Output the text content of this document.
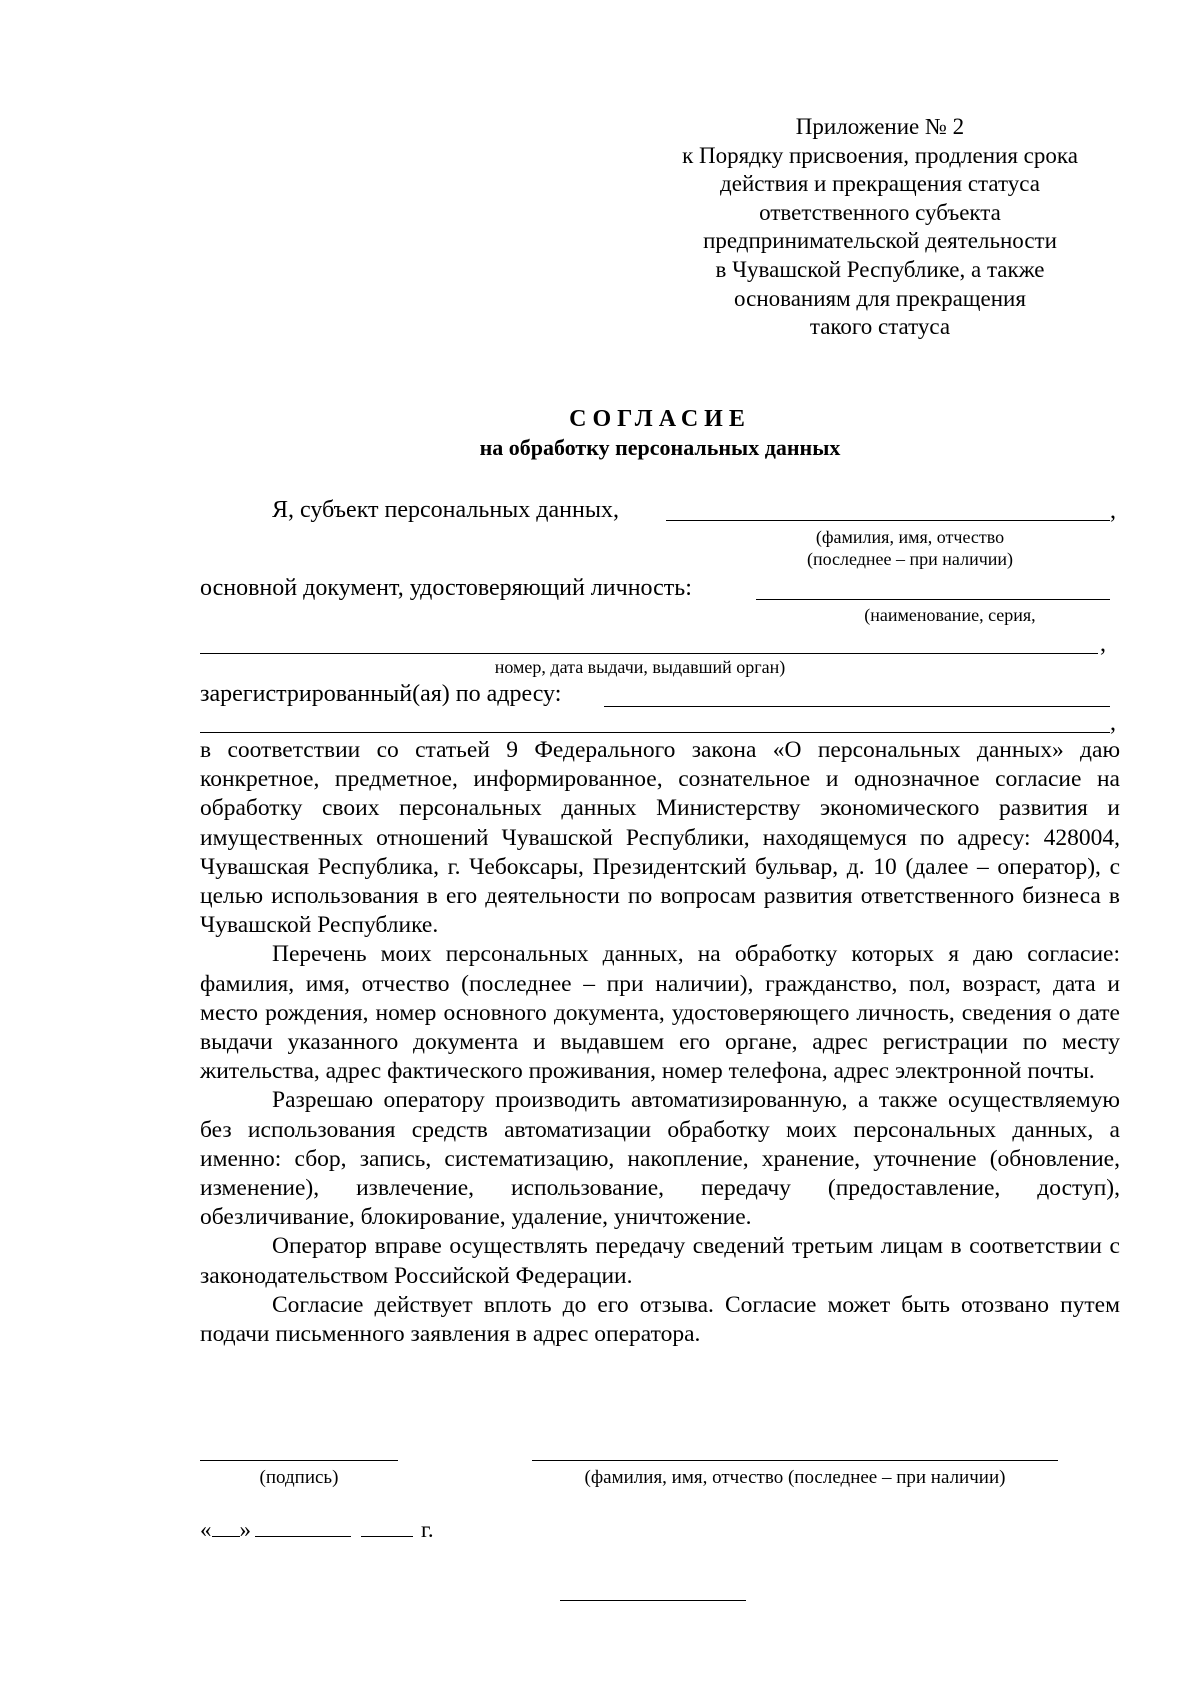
Приложение № 2
к Порядку присвоения, продления срока
действия и прекращения статуса
ответственного субъекта
предпринимательской деятельности
в Чувашской Республике, а также
основаниям для прекращения
такого статуса
СОГЛАСИЕ
на обработку персональных данных
Я, субъект персональных данных,	,
(фамилия, имя, отчество
(последнее – при наличии)
основной документ, удостоверяющий личность:
(наименование, серия,
,
номер, дата выдачи, выдавший орган)
зарегистрированный(ая) по адресу:
,

в соответствии со статьей 9 Федерального закона «О персональных данных» даю конкретное, предметное, информированное, сознательное и однозначное согласие на обработку своих персональных данных Министерству экономического развития и имущественных отношений Чувашской Республики, находящемуся по адресу: 428004, Чувашская Республика, г. Чебоксары, Президентский бульвар, д. 10 (далее – оператор), с целью использования в его деятельности по вопросам развития ответственного бизнеса в Чувашской Республике.

Перечень моих персональных данных, на обработку которых я даю согласие: фамилия, имя, отчество (последнее – при наличии), гражданство, пол, возраст, дата и место рождения, номер основного документа, удостоверяющего личность, сведения о дате выдачи указанного документа и выдавшем его органе, адрес регистрации по месту жительства, адрес фактического проживания, номер телефона, адрес электронной почты.

Разрешаю оператору производить автоматизированную, а также осуществляемую без использования средств автоматизации обработку моих персональных данных, а именно: сбор, запись, систематизацию, накопление, хранение, уточнение (обновление, изменение), извлечение, использование, передачу (предоставление, доступ), обезличивание, блокирование, удаление, уничтожение.

Оператор вправе осуществлять передачу сведений третьим лицам в соответствии с законодательством Российской Федерации.

Согласие действует вплоть до его отзыва. Согласие может быть отозвано путем подачи письменного заявления в адрес оператора.

(подпись)	(фамилия, имя, отчество (последнее – при наличии)
« »	г.
